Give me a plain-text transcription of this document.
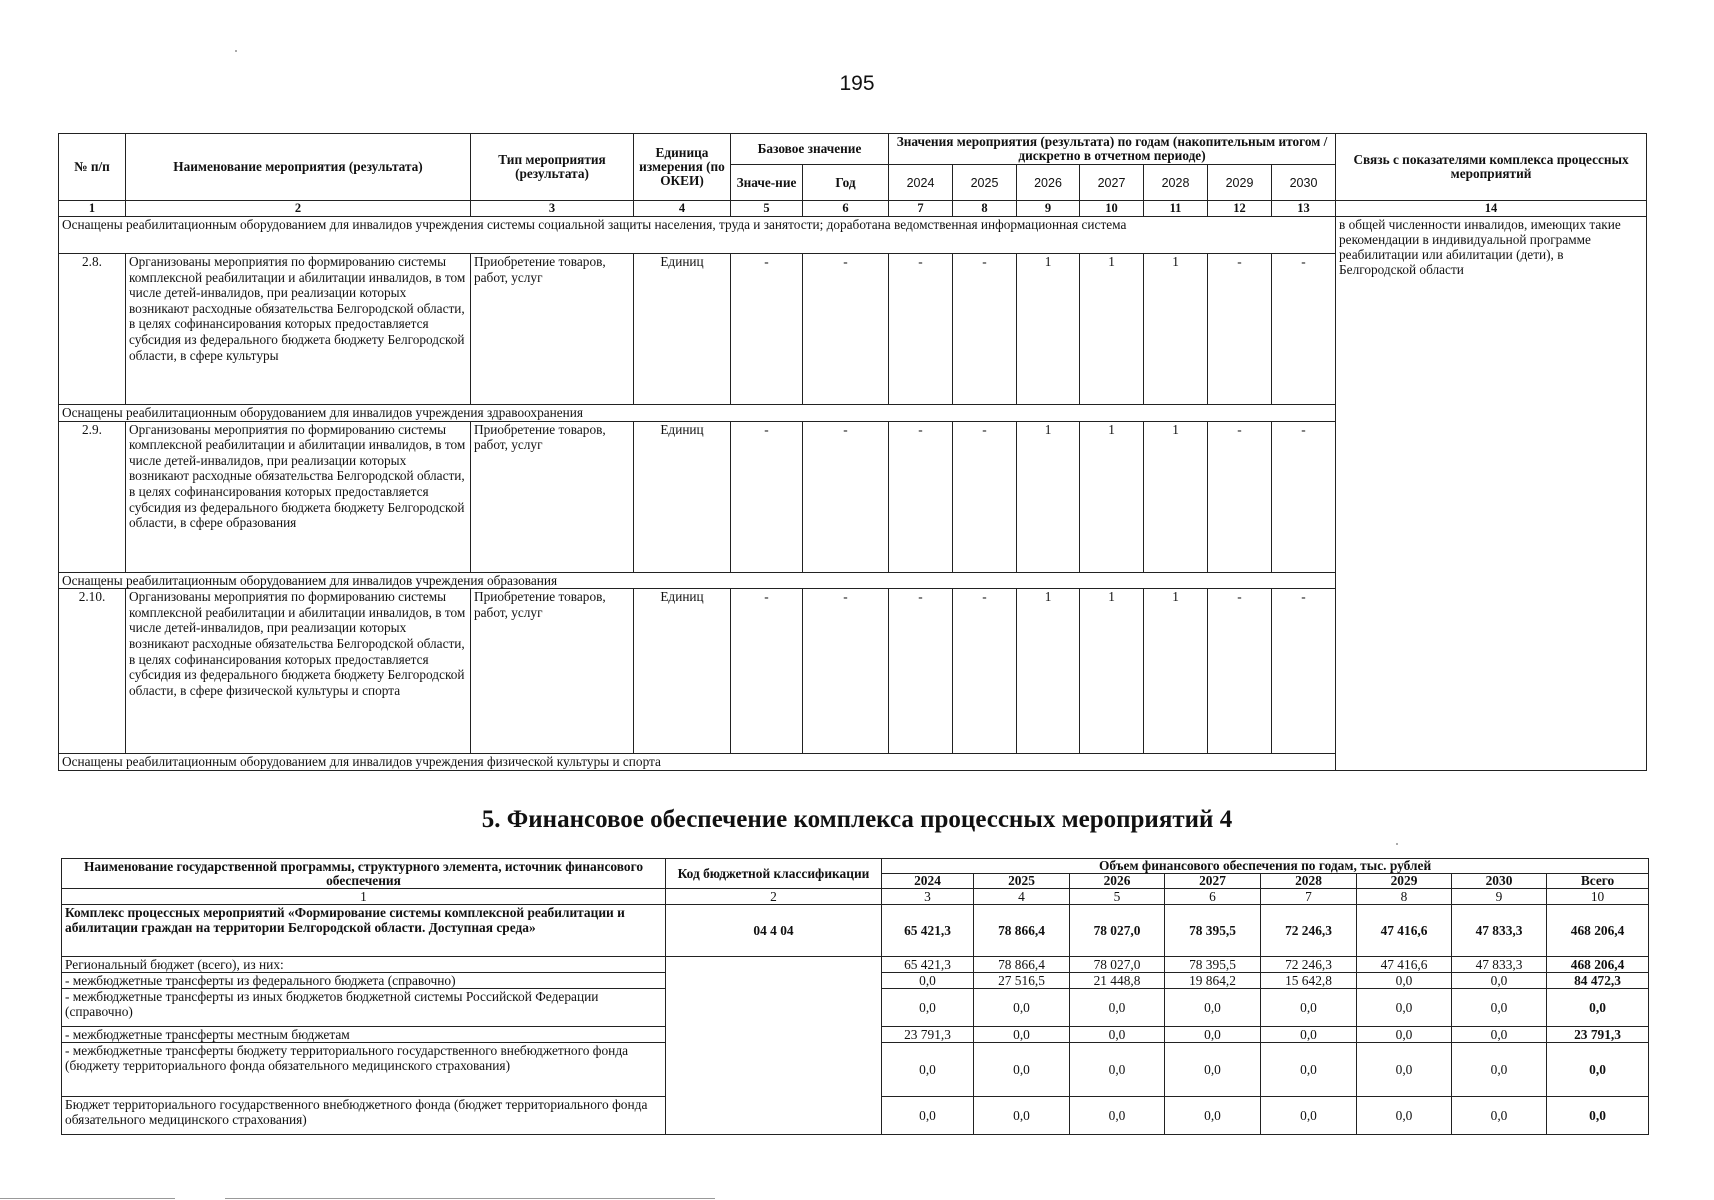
195
№ п/п	Наименование мероприятия (результата)	Тип мероприятия (результата)	Единица измерения (по ОКЕИ)	Базовое значение		Значения мероприятия (результата) по годам (накопительным итогом / дискретно в отчетном периоде)							Связь с показателями комплекса процессных мероприятий
				Значе-ние	Год	2024	2025	2026	2027	2028	2029	2030	
1	2	3	4	5	6	7	8	9	10	11	12	13	14
Оснащены реабилитационным оборудованием для инвалидов учреждения системы социальной защиты населения, труда и занятости; доработана ведомственная информационная система													в общей численности инвалидов, имеющих такие рекомендации в индивидуальной программе реабилитации или абилитации (дети), в Белгородской области
2.8.	Организованы мероприятия по формированию системы комплексной реабилитации и абилитации инвалидов, в том числе детей-инвалидов, при реализации которых возникают расходные обязательства Белгородской области, в целях софинансирования которых предоставляется субсидия из федерального бюджета бюджету Белгородской области, в сфере культуры	Приобретение товаров, работ, услуг	Единиц	-	-	-	-	1	1	1	-	-	
Оснащены реабилитационным оборудованием для инвалидов учреждения здравоохранения													
2.9.	Организованы мероприятия по формированию системы комплексной реабилитации и абилитации инвалидов, в том числе детей-инвалидов, при реализации которых возникают расходные обязательства Белгородской области, в целях софинансирования которых предоставляется субсидия из федерального бюджета бюджету Белгородской области, в сфере образования	Приобретение товаров, работ, услуг	Единиц	-	-	-	-	1	1	1	-	-	
Оснащены реабилитационным оборудованием для инвалидов учреждения образования													
2.10.	Организованы мероприятия по формированию системы комплексной реабилитации и абилитации инвалидов, в том числе детей-инвалидов, при реализации которых возникают расходные обязательства Белгородской области, в целях софинансирования которых предоставляется субсидия из федерального бюджета бюджету Белгородской области, в сфере физической культуры и спорта	Приобретение товаров, работ, услуг	Единиц	-	-	-	-	1	1	1	-	-	
Оснащены реабилитационным оборудованием для инвалидов учреждения физической культуры и спорта													
5. Финансовое обеспечение комплекса процессных мероприятий 4
Наименование государственной программы, структурного элемента, источник финансового обеспечения	Код бюджетной классификации	Объем финансового обеспечения по годам, тыс. рублей							
		2024	2025	2026	2027	2028	2029	2030	Всего
1	2	3	4	5	6	7	8	9	10
Комплекс процессных мероприятий «Формирование системы комплексной реабилитации и абилитации граждан на территории Белгородской области. Доступная среда»	04 4 04	65 421,3	78 866,4	78 027,0	78 395,5	72 246,3	47 416,6	47 833,3	468 206,4
Региональный бюджет (всего), из них:		65 421,3	78 866,4	78 027,0	78 395,5	72 246,3	47 416,6	47 833,3	468 206,4
- межбюджетные трансферты из федерального бюджета (справочно)		0,0	27 516,5	21 448,8	19 864,2	15 642,8	0,0	0,0	84 472,3
- межбюджетные трансферты из иных бюджетов бюджетной системы Российской Федерации (справочно)		0,0	0,0	0,0	0,0	0,0	0,0	0,0	0,0
- межбюджетные трансферты местным бюджетам		23 791,3	0,0	0,0	0,0	0,0	0,0	0,0	23 791,3
- межбюджетные трансферты бюджету территориального государственного внебюджетного фонда (бюджету территориального фонда обязательного медицинского страхования)		0,0	0,0	0,0	0,0	0,0	0,0	0,0	0,0
Бюджет территориального государственного внебюджетного фонда (бюджет территориального фонда обязательного медицинского страхования)		0,0	0,0	0,0	0,0	0,0	0,0	0,0	0,0
